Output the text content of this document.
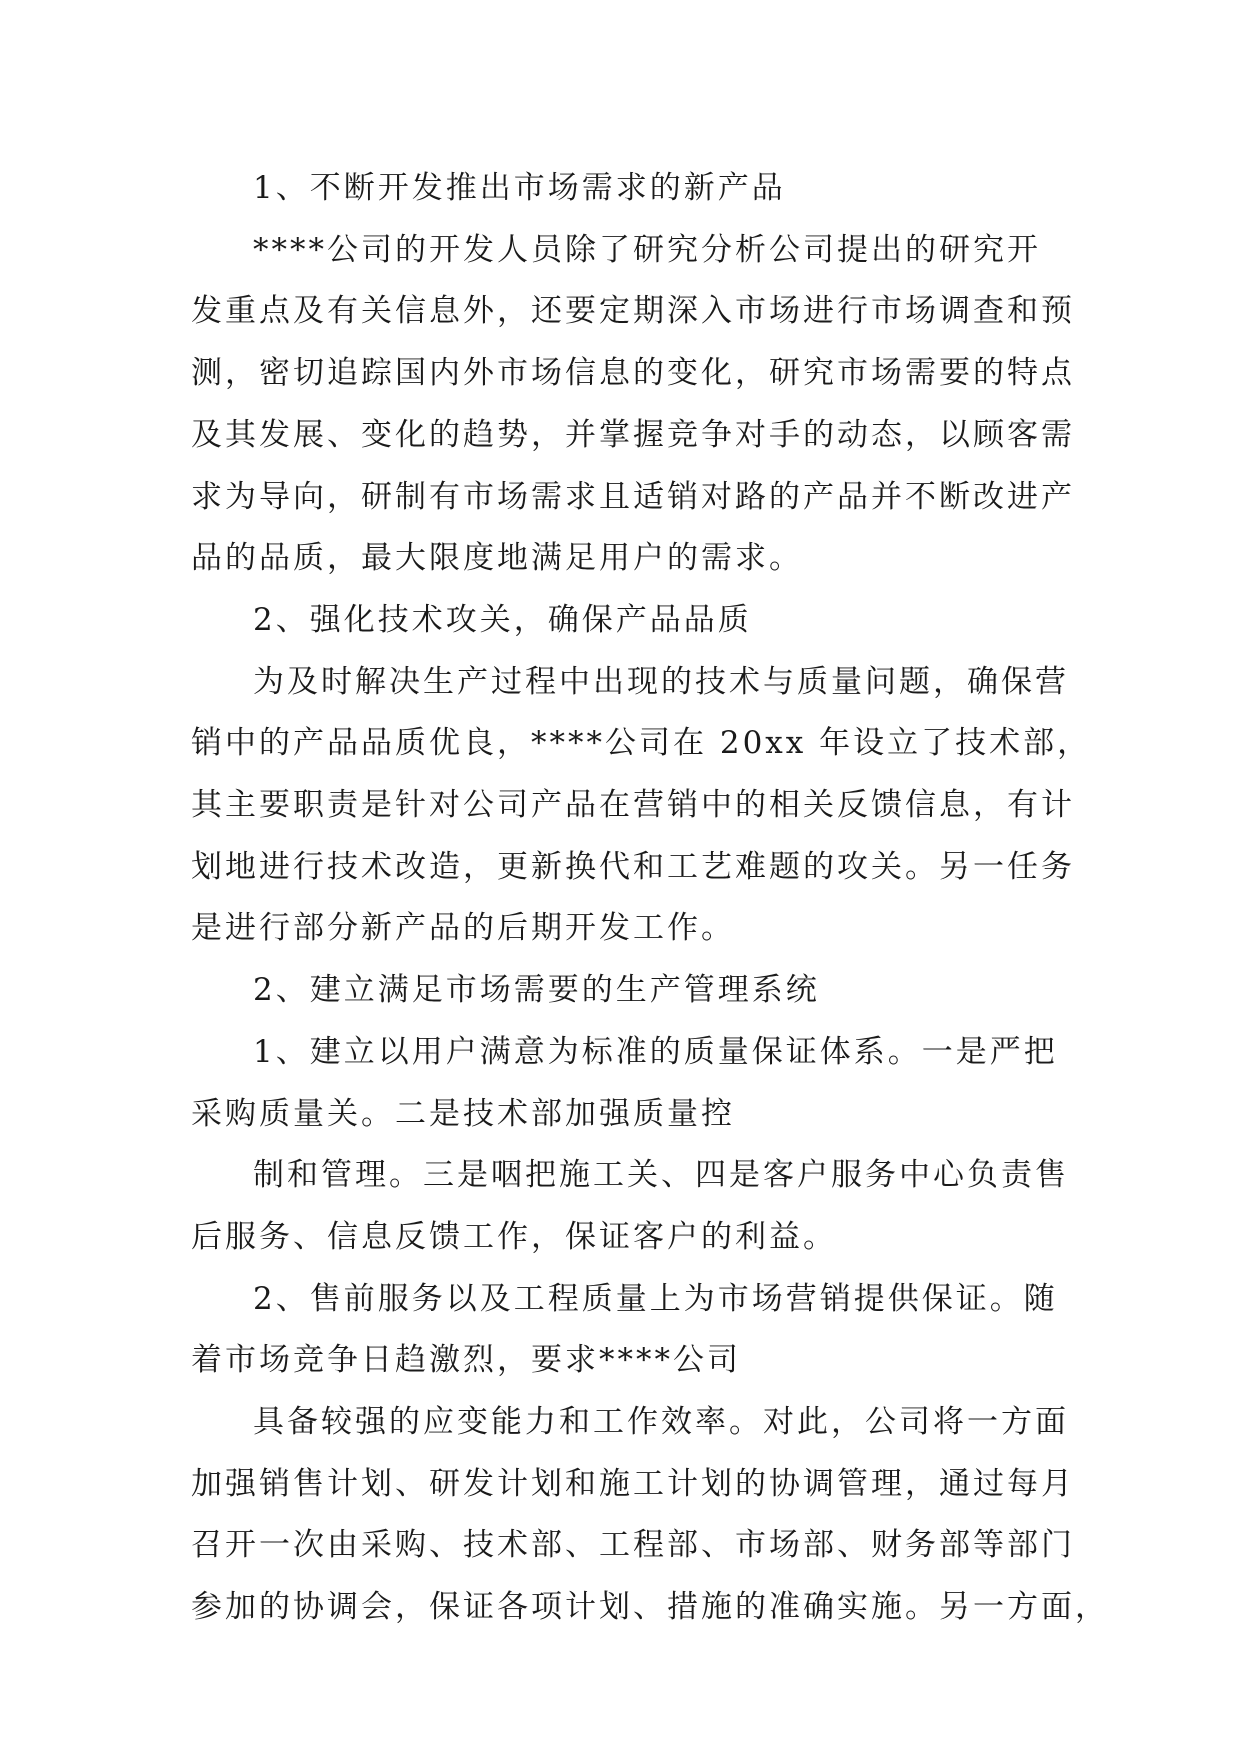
1、不断开发推出市场需求的新产品

****公司的开发人员除了研究分析公司提出的研究开
发重点及有关信息外，还要定期深入市场进行市场调查和预
测，密切追踪国内外市场信息的变化，研究市场需要的特点
及其发展、变化的趋势，并掌握竞争对手的动态，以顾客需
求为导向，研制有市场需求且适销对路的产品并不断改进产
品的品质，最大限度地满足用户的需求。

2、强化技术攻关，确保产品品质

为及时解决生产过程中出现的技术与质量问题，确保营
销中的产品品质优良，****公司在 20xx 年设立了技术部，
其主要职责是针对公司产品在营销中的相关反馈信息，有计
划地进行技术改造，更新换代和工艺难题的攻关。另一任务
是进行部分新产品的后期开发工作。

2、建立满足市场需要的生产管理系统

1、建立以用户满意为标准的质量保证体系。一是严把
采购质量关。二是技术部加强质量控

制和管理。三是咽把施工关、四是客户服务中心负责售
后服务、信息反馈工作，保证客户的利益。

2、售前服务以及工程质量上为市场营销提供保证。随
着市场竞争日趋激烈，要求****公司

具备较强的应变能力和工作效率。对此，公司将一方面
加强销售计划、研发计划和施工计划的协调管理，通过每月
召开一次由采购、技术部、工程部、市场部、财务部等部门
参加的协调会，保证各项计划、措施的准确实施。另一方面，
